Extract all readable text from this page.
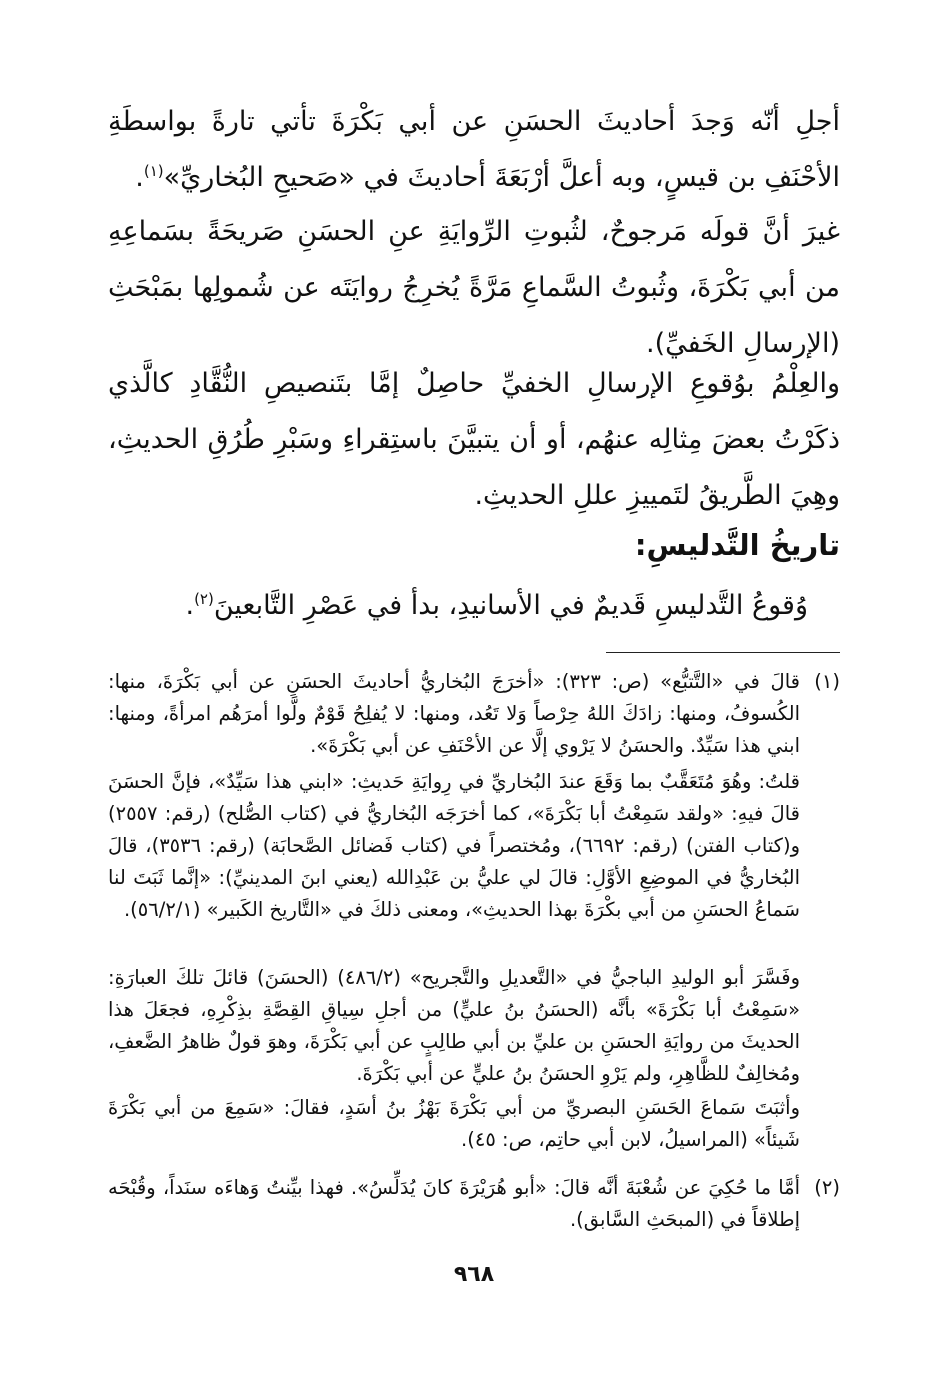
أجلِ أنّه وَجدَ أحاديثَ الحسَنِ عن أبي بَكْرَةَ تأتي تارةً بواسطَةِ الأحْنَفِ بن قيسٍ، وبه أعلَّ أرْبَعَةَ أحاديثَ في «صَحيحِ البُخاريِّ»$^{(١)}$.

غيرَ أنَّ قولَه مَرجوحٌ، لثُبوتِ الرِّوايَةِ عنِ الحسَنِ صَريحَةً بسَماعِهِ من أبي بَكْرَةَ، وثُبوتُ السَّماعِ مَرَّةً يُخرِجُ روايَتَه عن شُمولِها بمَبْحَثِ (الإرسالِ الخَفيِّ).

والعِلْمُ بوُقوعِ الإرسالِ الخفيِّ حاصِلٌ إمَّا بتَنصيصِ النُّقَّادِ كالَّذي ذكَرْتُ بعضَ مِثالِه عنهُم، أو أن يتبيَّنَ باستِقراءِ وسَبْرِ طُرُقِ الحديثِ، وهِيَ الطَّريقُ لتَمييزِ عللِ الحديثِ.

تاريخُ التَّدليسِ:

وُقوعُ التَّدليسِ قَديمٌ في الأسانيدِ، بدأ في عَصْرِ التَّابعينَ$^{(٢)}$.

(١)

قالَ في «التَّتبُّع» (ص: ٣٢٣): «أخرَجَ البُخاريُّ أحاديثَ الحسَنِ عن أبي بَكْرَةَ، منها: الكُسوفُ، ومنها: زادَكَ اللهُ حِرْصاً وَلا تَعُد، ومنها: لا يُفلِحُ قَوْمٌ ولَّوا أمرَهُم امرأةً، ومنها: ابني هذا سَيِّدٌ. والحسَنُ لا يَرْوي إلَّا عن الأحْنَفِ عن أبي بَكْرَةَ».

قلتُ: وهُوَ مُتَعَقَّبٌ بما وَقَعَ عندَ البُخاريِّ في رِوايَةِ حَديثِ: «ابني هذا سَيِّدٌ»، فإنَّ الحسَنَ قالَ فيهِ: «ولقد سَمِعْتُ أبا بَكْرَةَ»، كما أخرَجَه البُخاريُّ في (كتاب الصُّلح) (رقم: ٢٥٥٧) و(كتاب الفتن) (رقم: ٦٦٩٢)، ومُختصراً في (كتاب فَضائل الصَّحابَة) (رقم: ٣٥٣٦)، قالَ البُخاريُّ في الموضِعِ الأوَّلِ: قالَ لي عليُّ بن عَبْدِالله (يعني ابنَ المدينيِّ): «إنَّما ثَبَتَ لنا سَماعُ الحسَنِ من أبي بكْرَةَ بهذا الحديثِ»، ومعنى ذلكَ في «التَّاريخ الكَبير» (٥٦/٢/١).

وفَسَّرَ أبو الوليدِ الباجيُّ في «التَّعديلِ والتَّجريح» (٤٨٦/٢) (الحسَنَ) قائلَ تلكَ العبارَةِ: «سَمِعْتُ أبا بَكْرَةَ» بأنَّه (الحسَنُ بنُ عليٍّ) من أجلِ سِياقِ القِصَّةِ بذِكْرِهِ، فجعَلَ هذا الحديثَ من روايَةِ الحسَنِ بن عليِّ بن أبي طالِبٍ عن أبي بَكْرَةَ، وهوَ قولٌ ظاهرُ الضَّعفِ، ومُخالِفٌ للظَّاهِرِ، ولم يَرْوِ الحسَنُ بنُ عليٍّ عن أبي بَكْرَةَ.

وأثبَتَ سَماعَ الحَسَنِ البصريِّ من أبي بَكْرَةَ بَهْزُ بنُ أسَدٍ، فقالَ: «سَمِعَ من أبي بَكْرَةَ شَيئاً» (المراسيلُ، لابن أبي حاتِم، ص: ٤٥).

(٢)

أمَّا ما حُكِيَ عن شُعْبَةَ أنَّه قالَ: «أبو هُرَيْرَةَ كانَ يُدَلِّسُ». فهذا بيِّنتُ وَهاءَه سنَداً، وقُبْحَه إطلاقاً في (المبحَثِ السَّابق).

٩٦٨
